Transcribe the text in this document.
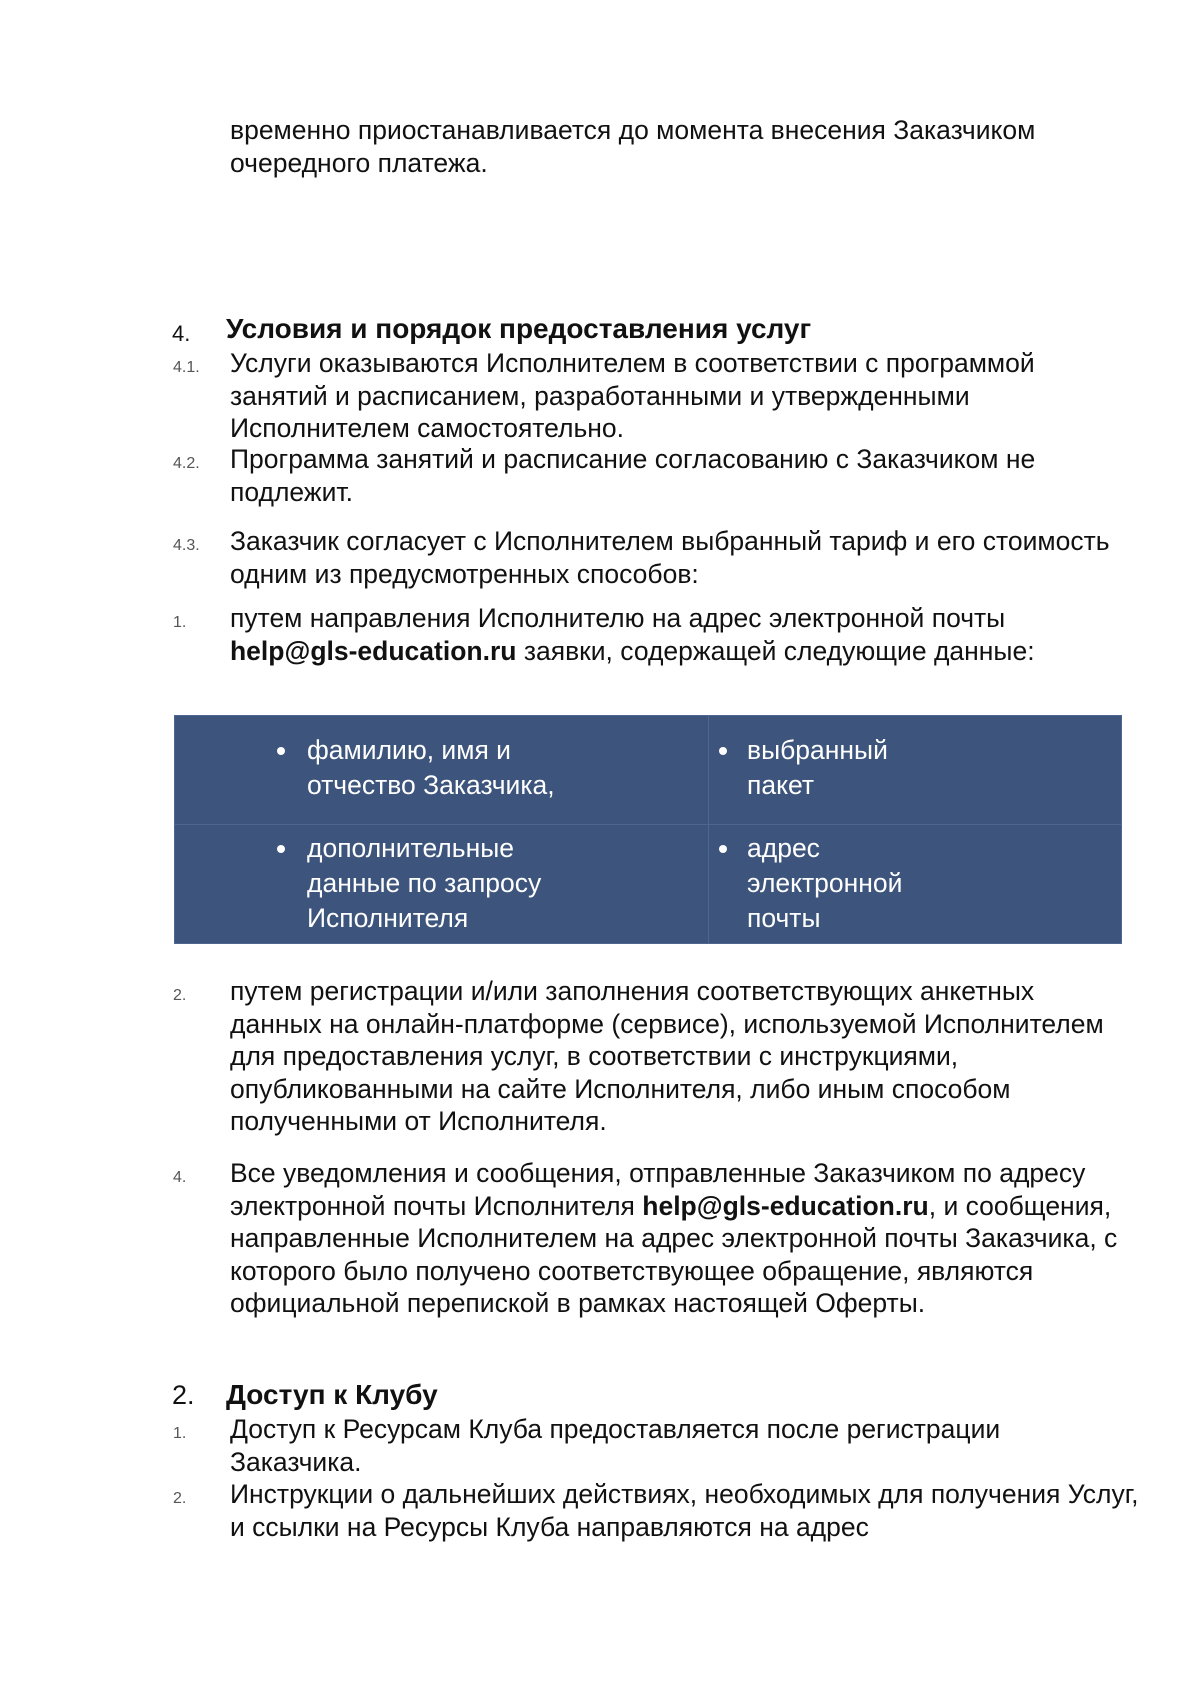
временно приостанавливается до момента внесения Заказчиком очередного платежа.
4. Условия и порядок предоставления услуг
4.1. Услуги оказываются Исполнителем в соответствии с программой занятий и расписанием, разработанными и утвержденными Исполнителем самостоятельно.
4.2. Программа занятий и расписание согласованию с Заказчиком не подлежит.
4.3. Заказчик согласует с Исполнителем выбранный тариф и его стоимость одним из предусмотренных способов:
1. путем направления Исполнителю на адрес электронной почты help@gls-education.ru заявки, содержащей следующие данные:
фамилию, имя и отчество Заказчика,	выбранный пакет

дополнительные данные по запросу Исполнителя	адрес электронной почты
2. путем регистрации и/или заполнения соответствующих анкетных данных на онлайн-платформе (сервисе), используемой Исполнителем для предоставления услуг, в соответствии с инструкциями, опубликованными на сайте Исполнителя, либо иным способом полученными от Исполнителя.
4. Все уведомления и сообщения, отправленные Заказчиком по адресу электронной почты Исполнителя help@gls-education.ru, и сообщения, направленные Исполнителем на адрес электронной почты Заказчика, с которого было получено соответствующее обращение, являются официальной перепиской в рамках настоящей Оферты.
2. Доступ к Клубу
1. Доступ к Ресурсам Клуба предоставляется после регистрации Заказчика.
2. Инструкции о дальнейших действиях, необходимых для получения Услуг, и ссылки на Ресурсы Клуба направляются на адрес
